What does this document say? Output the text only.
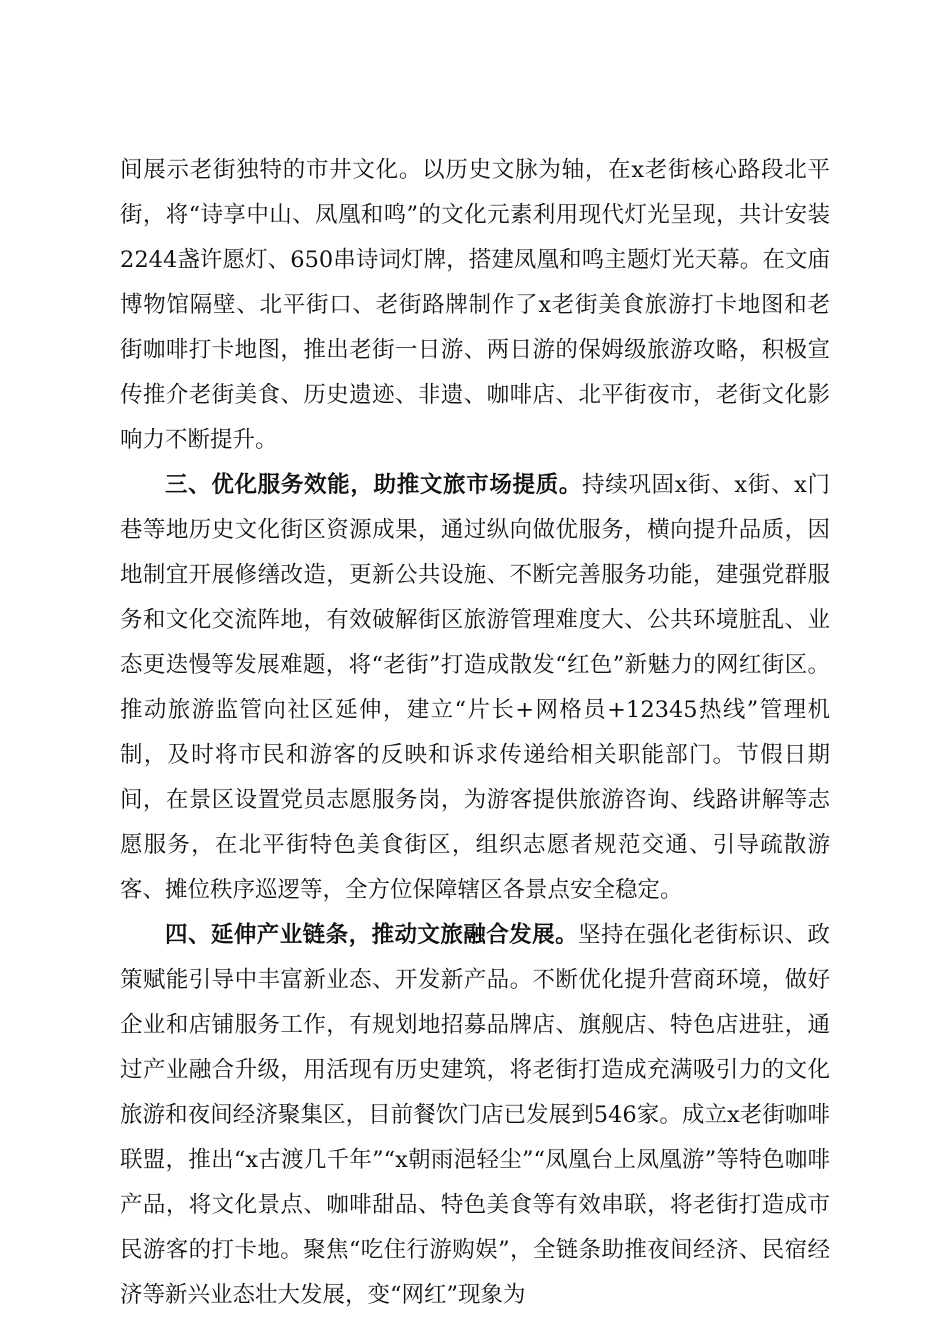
间展示老街独特的市井文化。以历史文脉为轴，在x老街核心路段北平街，将“诗享中山、凤凰和鸣”的文化元素利用现代灯光呈现，共计安装2244盏许愿灯、650串诗词灯牌，搭建凤凰和鸣主题灯光天幕。在文庙博物馆隔壁、北平街口、老街路牌制作了x老街美食旅游打卡地图和老街咖啡打卡地图，推出老街一日游、两日游的保姆级旅游攻略，积极宣传推介老街美食、历史遗迹、非遗、咖啡店、北平街夜市，老街文化影响力不断提升。

三、优化服务效能，助推文旅市场提质。持续巩固x街、x街、x门巷等地历史文化街区资源成果，通过纵向做优服务，横向提升品质，因地制宜开展修缮改造，更新公共设施、不断完善服务功能，建强党群服务和文化交流阵地，有效破解街区旅游管理难度大、公共环境脏乱、业态更迭慢等发展难题，将“老街”打造成散发“红色”新魅力的网红街区。推动旅游监管向社区延伸，建立“片长+网格员+12345热线”管理机制，及时将市民和游客的反映和诉求传递给相关职能部门。节假日期间，在景区设置党员志愿服务岗，为游客提供旅游咨询、线路讲解等志愿服务，在北平街特色美食街区，组织志愿者规范交通、引导疏散游客、摊位秩序巡逻等，全方位保障辖区各景点安全稳定。

四、延伸产业链条，推动文旅融合发展。坚持在强化老街标识、政策赋能引导中丰富新业态、开发新产品。不断优化提升营商环境，做好企业和店铺服务工作，有规划地招募品牌店、旗舰店、特色店进驻，通过产业融合升级，用活现有历史建筑，将老街打造成充满吸引力的文化旅游和夜间经济聚集区，目前餐饮门店已发展到546家。成立x老街咖啡联盟，推出“x古渡几千年”“x朝雨浥轻尘”“凤凰台上凤凰游”等特色咖啡产品，将文化景点、咖啡甜品、特色美食等有效串联，将老街打造成市民游客的打卡地。聚焦“吃住行游购娱”，全链条助推夜间经济、民宿经济等新兴业态壮大发展，变“网红”现象为
